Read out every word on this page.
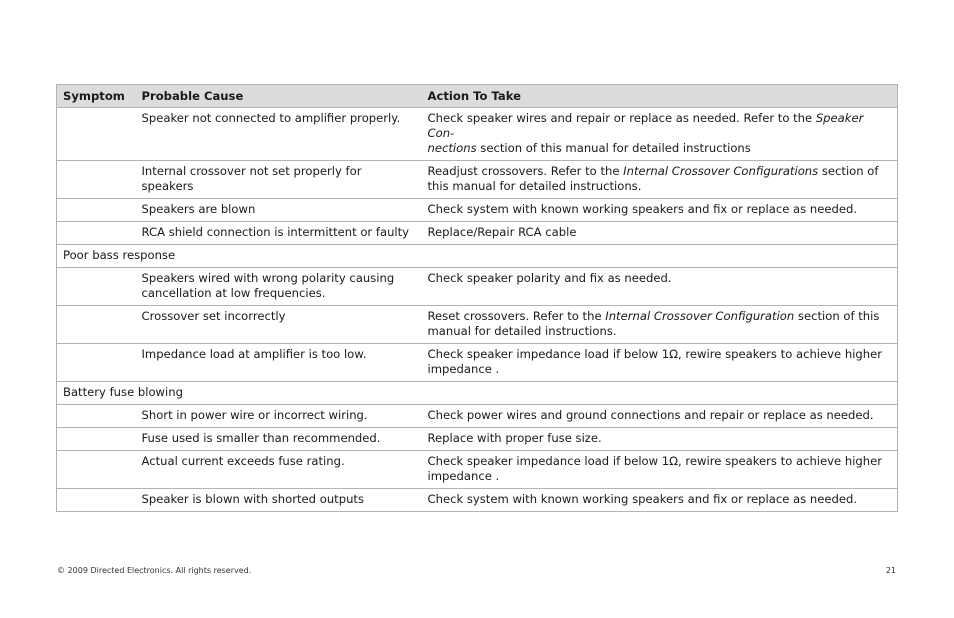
Symptom	Probable Cause	Action To Take
	Speaker not connected to amplifier properly.	Check speaker wires and repair or replace as needed. Refer to the Speaker Con-
nections section of this manual for detailed instructions
	Internal crossover not set properly for speakers	Readjust crossovers. Refer to the Internal Crossover Configurations section of
this manual for detailed instructions.
	Speakers are blown	Check system with known working speakers and fix or replace as needed.
	RCA shield connection is intermittent or faulty	Replace/Repair RCA cable
Poor bass response		
	Speakers wired with wrong polarity causing
cancellation at low frequencies.	Check speaker polarity and fix as needed.
	Crossover set incorrectly	Reset crossovers. Refer to the Internal Crossover Configuration section of this
manual for detailed instructions.
	Impedance load at amplifier is too low.	Check speaker impedance load if below 1Ω, rewire speakers to achieve higher
impedance .
Battery fuse blowing		
	Short in power wire or incorrect wiring.	Check power wires and ground connections and repair or replace as needed.
	Fuse used is smaller than recommended.	Replace with proper fuse size.
	Actual current exceeds fuse rating.	Check speaker impedance load if below 1Ω, rewire speakers to achieve higher
impedance .
	Speaker is blown with shorted outputs	Check system with known working speakers and fix or replace as needed.
© 2009 Directed Electronics. All rights reserved.	21
